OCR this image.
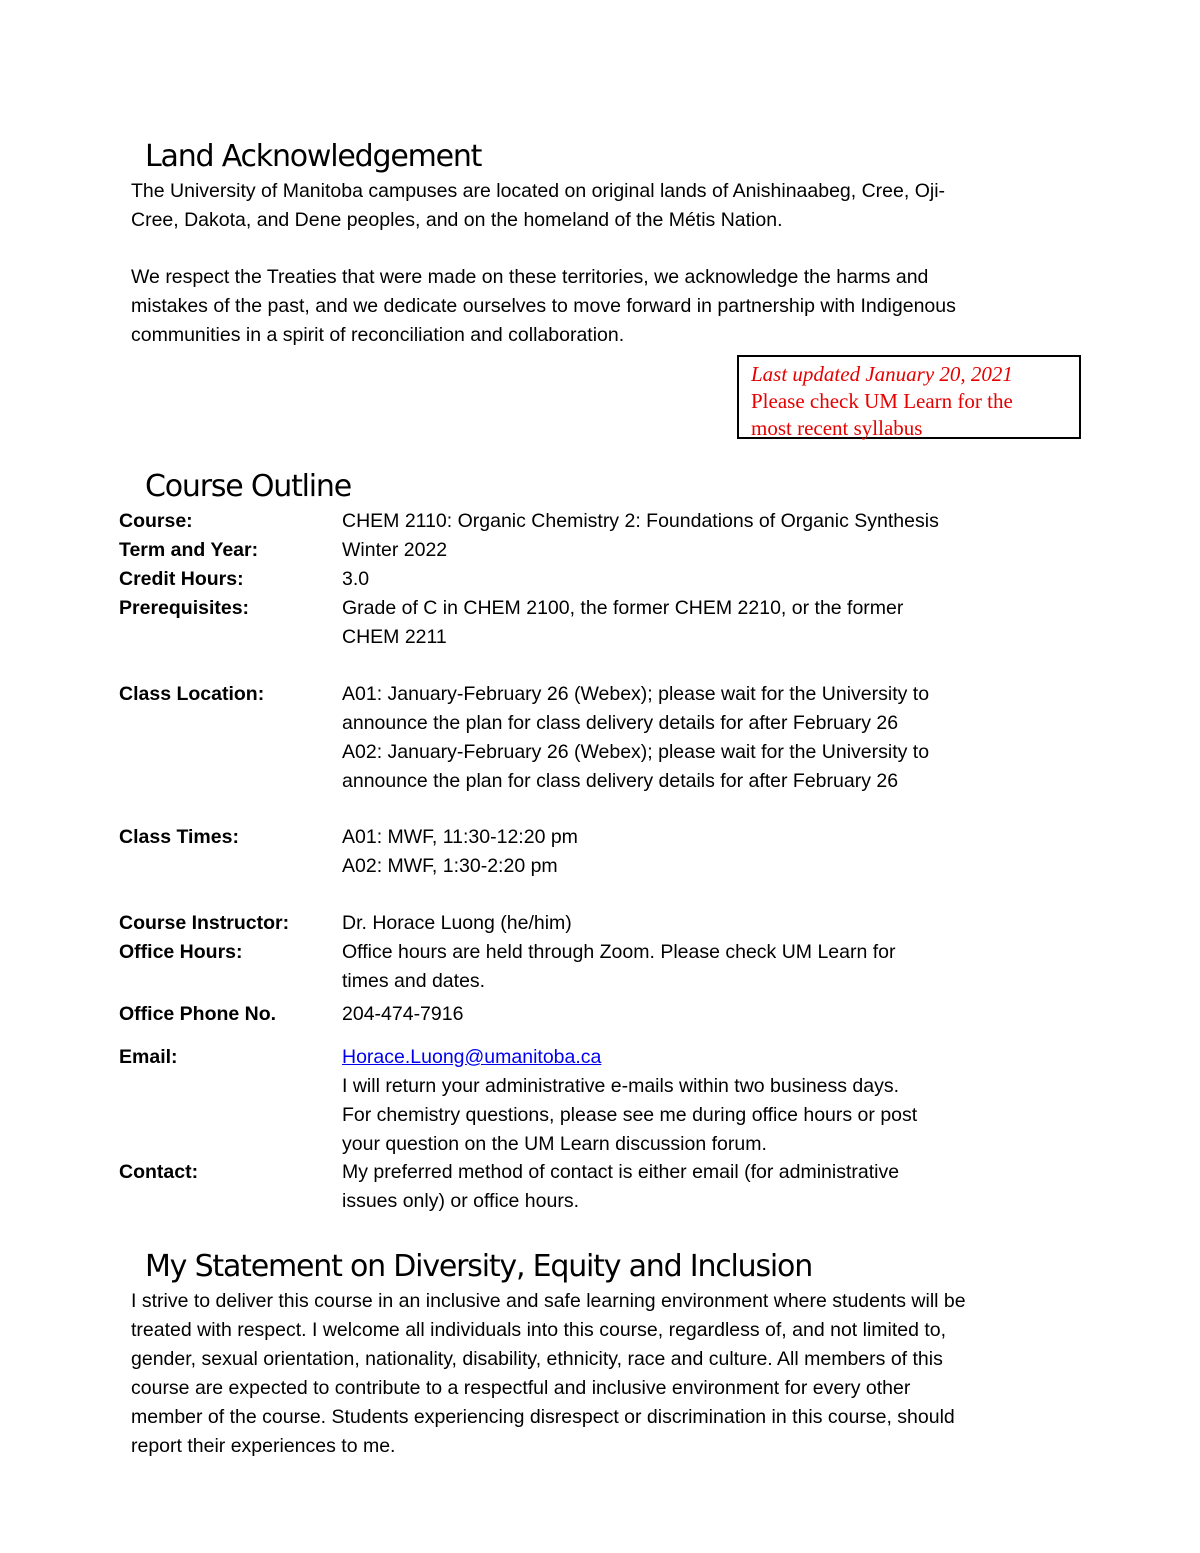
Land Acknowledgement
The University of Manitoba campuses are located on original lands of Anishinaabeg, Cree, Oji-
Cree, Dakota, and Dene peoples, and on the homeland of the Métis Nation.
We respect the Treaties that were made on these territories, we acknowledge the harms and
mistakes of the past, and we dedicate ourselves to move forward in partnership with Indigenous
communities in a spirit of reconciliation and collaboration.
Last updated January 20, 2021
Please check UM Learn for the
most recent syllabus
Course Outline
Course:	CHEM 2110: Organic Chemistry 2: Foundations of Organic Synthesis
Term and Year:	Winter 2022
Credit Hours:	3.0
Prerequisites:	Grade of C in CHEM 2100, the former CHEM 2210, or the former
CHEM 2211
Class Location:	A01: January-February 26 (Webex); please wait for the University to
announce the plan for class delivery details for after February 26
A02: January-February 26 (Webex); please wait for the University to
announce the plan for class delivery details for after February 26
Class Times:	A01: MWF, 11:30-12:20 pm
A02: MWF, 1:30-2:20 pm
Course Instructor:	Dr. Horace Luong (he/him)
Office Hours:	Office hours are held through Zoom. Please check UM Learn for
times and dates.
Office Phone No.	204-474-7916
Email:	Horace.Luong@umanitoba.ca
I will return your administrative e-mails within two business days.
For chemistry questions, please see me during office hours or post
your question on the UM Learn discussion forum.
Contact:	My preferred method of contact is either email (for administrative
issues only) or office hours.
My Statement on Diversity, Equity and Inclusion
I strive to deliver this course in an inclusive and safe learning environment where students will be
treated with respect. I welcome all individuals into this course, regardless of, and not limited to,
gender, sexual orientation, nationality, disability, ethnicity, race and culture. All members of this
course are expected to contribute to a respectful and inclusive environment for every other
member of the course. Students experiencing disrespect or discrimination in this course, should
report their experiences to me.
